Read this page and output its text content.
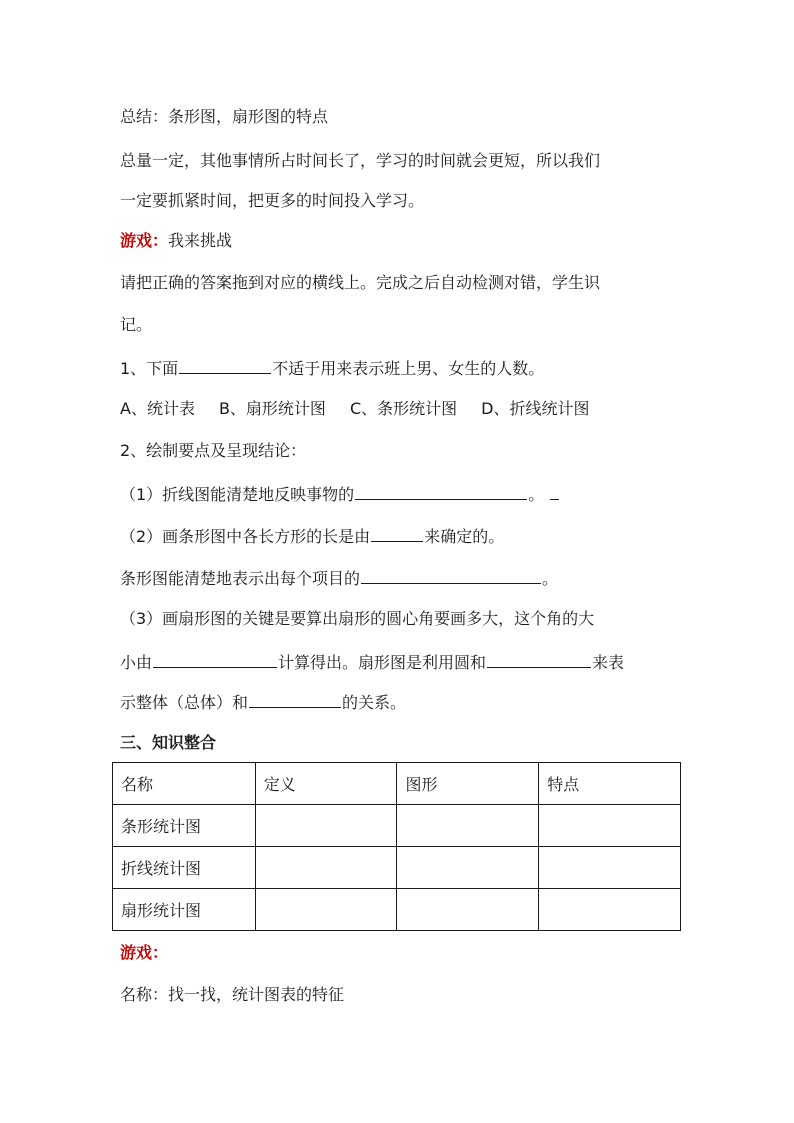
总结：条形图，扇形图的特点
总量一定，其他事情所占时间长了，学习的时间就会更短，所以我们
一定要抓紧时间，把更多的时间投入学习。
游戏：我来挑战
请把正确的答案拖到对应的横线上。完成之后自动检测对错，学生识
记。
1、下面	不适于用来表示班上男、女生的人数。
A、统计表 B、扇形统计图 C、条形统计图 D、折线统计图
2、绘制要点及呈现结论：
（1）折线图能清楚地反映事物的	。
（2）画条形图中各长方形的长是由	来确定的。
条形图能清楚地表示出每个项目的	。
（3）画扇形图的关键是要算出扇形的圆心角要画多大，这个角的大
小由	计算得出。扇形图是利用圆和	来表
示整体（总体）和	的关系。
三、知识整合
名称	定义	图形	特点
条形统计图			
折线统计图			
扇形统计图			
游戏：
名称：找一找，统计图表的特征
